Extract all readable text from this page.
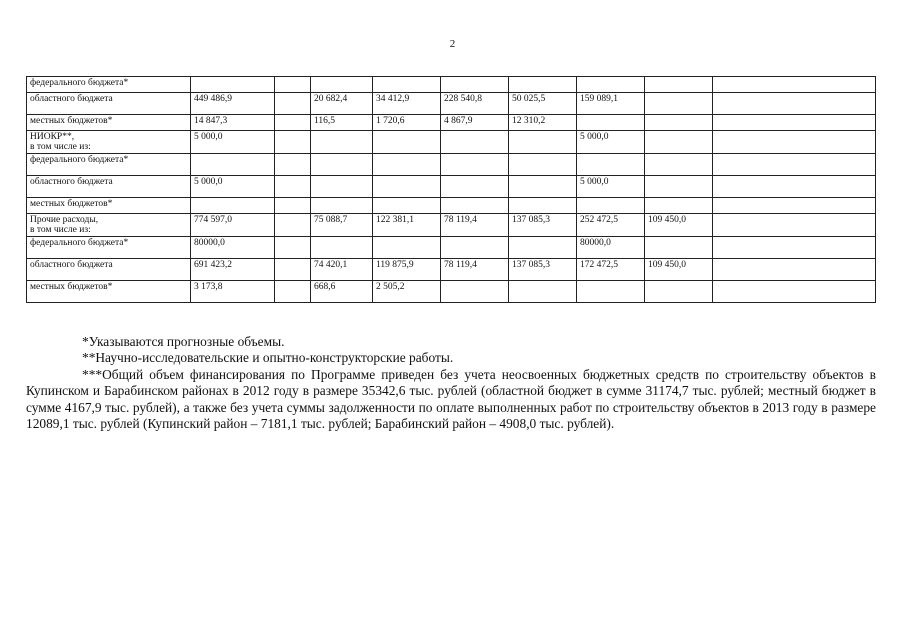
2
федерального бюджета*									
областного бюджета	449 486,9		20 682,4	34 412,9	228 540,8	50 025,5	159 089,1		
местных бюджетов*	14 847,3		116,5	1 720,6	4 867,9	12 310,2			
НИОКР**,
в том числе из:	5 000,0						5 000,0		
федерального бюджета*									
областного бюджета	5 000,0						5 000,0		
местных бюджетов*									
Прочие расходы,
в том числе из:	774 597,0		75 088,7	122 381,1	78 119,4	137 085,3	252 472,5	109 450,0	
федерального бюджета*	80000,0						80000,0		
областного бюджета	691 423,2		74 420,1	119 875,9	78 119,4	137 085,3	172 472,5	109 450,0	
местных бюджетов*	3 173,8		668,6	2 505,2					

*Указываются прогнозные объемы.

**Научно-исследовательские и опытно-конструкторские работы.

***Общий объем финансирования по Программе приведен без учета неосвоенных бюджетных средств по строительству объектов в Купинском и Барабинском районах в 2012 году в размере 35342,6 тыс. рублей (областной бюджет в сумме 31174,7 тыс. рублей; местный бюджет в сумме 4167,9 тыс. рублей), а также без учета суммы задолженности по оплате выполненных работ по строительству объектов в 2013 году в размере 12089,1 тыс. рублей (Купинский район – 7181,1 тыс. рублей; Барабинский район – 4908,0 тыс. рублей).
